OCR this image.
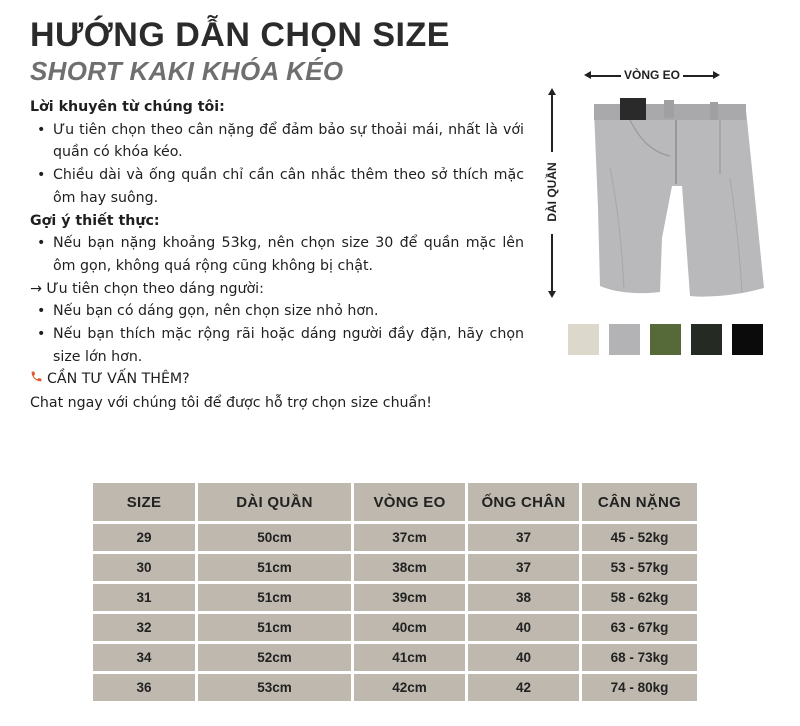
HƯỚNG DẪN CHỌN SIZE
SHORT KAKI KHÓA KÉO
Lời khuyên từ chúng tôi:
• Ưu tiên chọn theo cân nặng để đảm bảo sự thoải mái, nhất là với quần có khóa kéo.
• Chiều dài và ống quần chỉ cần cân nhắc thêm theo sở thích mặc ôm hay suông.
Gợi ý thiết thực:
• Nếu bạn nặng khoảng 53kg, nên chọn size 30 để quần mặc lên ôm gọn, không quá rộng cũng không bị chật.
→ Ưu tiên chọn theo dáng người:
• Nếu bạn có dáng gọn, nên chọn size nhỏ hơn.
• Nếu bạn thích mặc rộng rãi hoặc dáng người đầy đặn, hãy chọn size lớn hơn.
CẦN TƯ VẤN THÊM?
Chat ngay với chúng tôi để được hỗ trợ chọn size chuẩn!
VÒNG EO
DÀI QUẦN
SIZE	DÀI QUẦN	VÒNG EO	ỐNG CHÂN	CÂN NẶNG
29	50cm	37cm	37	45 - 52kg
30	51cm	38cm	37	53 - 57kg
31	51cm	39cm	38	58 - 62kg
32	51cm	40cm	40	63 - 67kg
34	52cm	41cm	40	68 - 73kg
36	53cm	42cm	42	74 - 80kg
